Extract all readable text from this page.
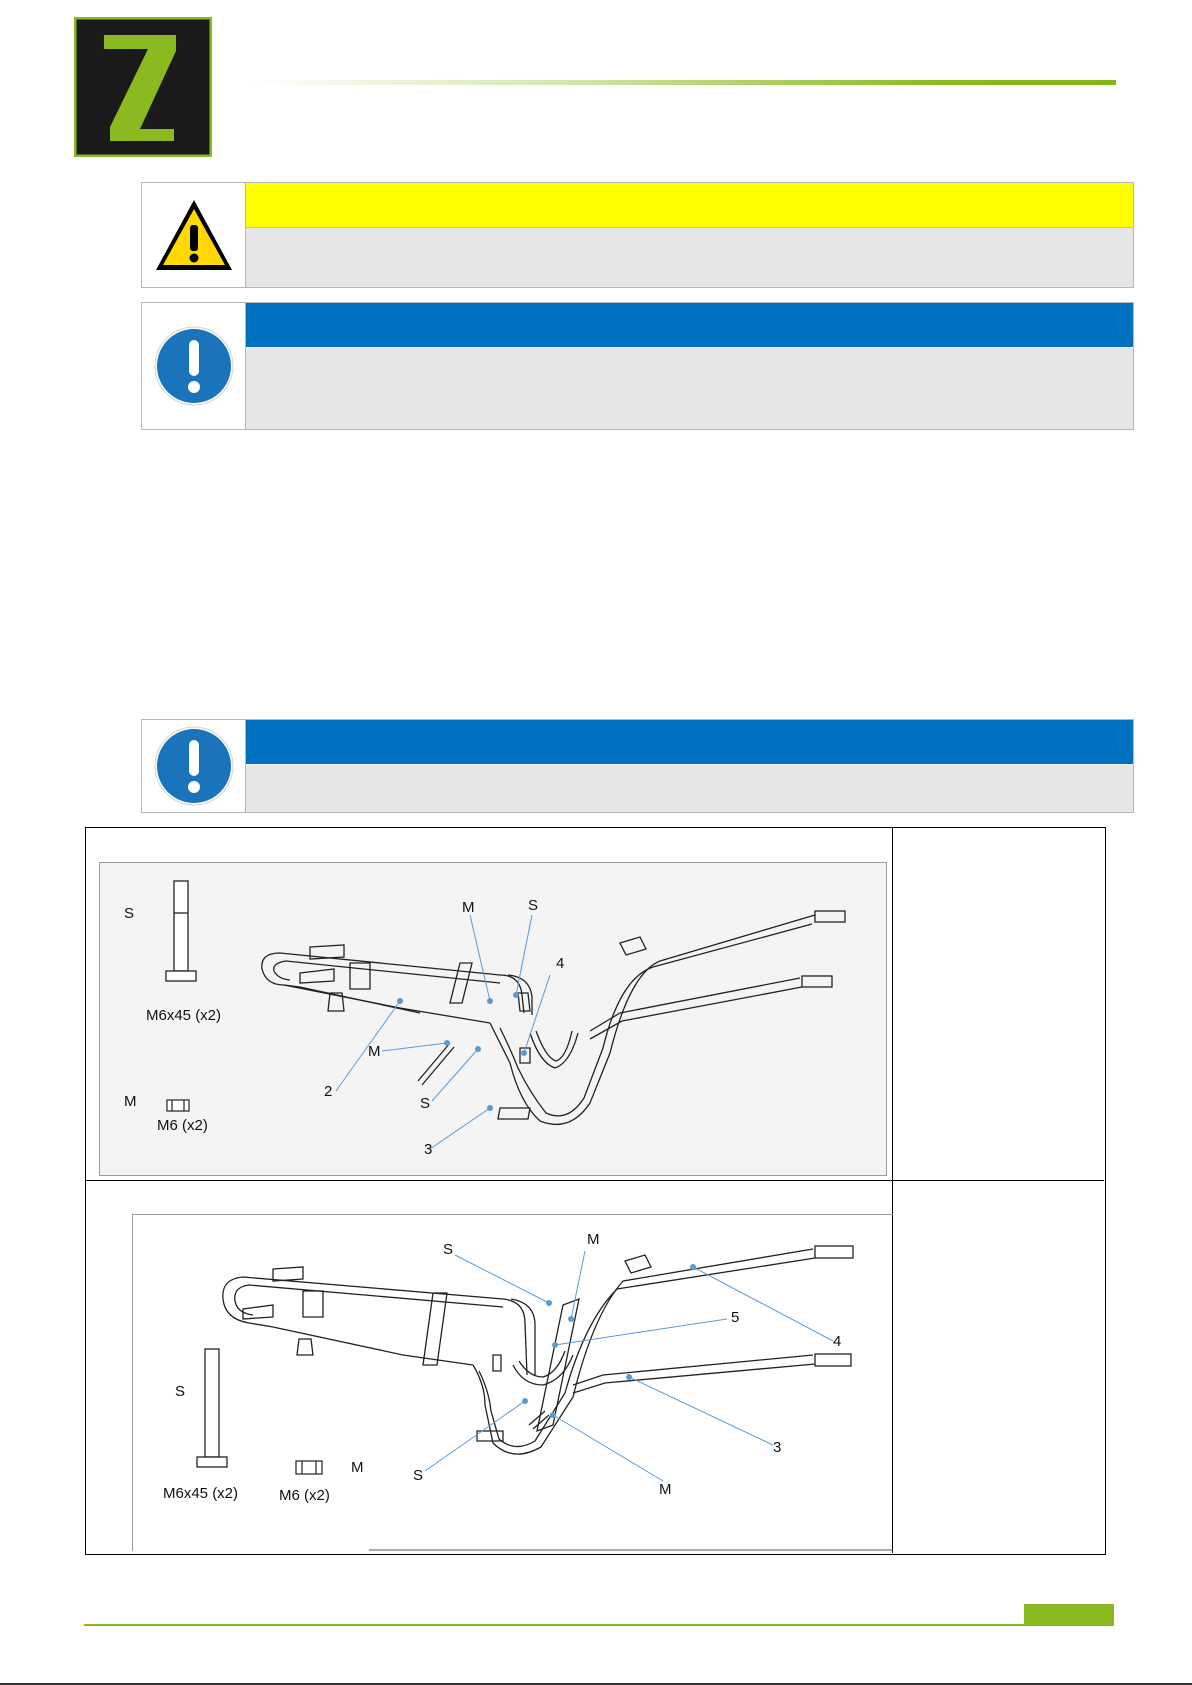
S
M6x45 (x2)
M
M6 (x2)
M	S
4
M
2
S
3
S
M6x45 (x2)
M
M6 (x2)
S
M
5
4
3
S
M
